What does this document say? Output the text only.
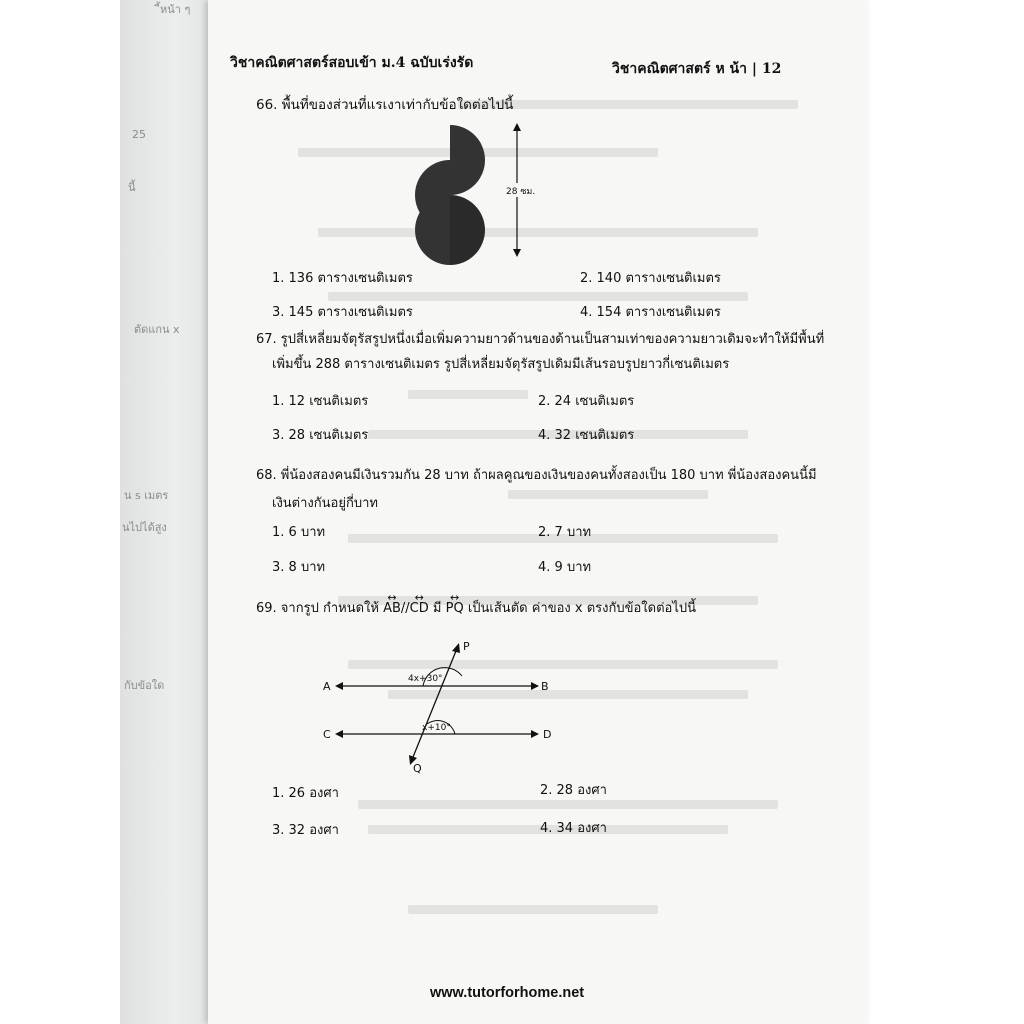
ี้หน้า ๆ
25
นี้
ตัดแกน x
น s เมตร
นไปได้สูง
กับข้อใด
วิชาคณิตศาสตร์สอบเข้า ม.4 ฉบับเร่งรัด	วิชาคณิตศาสตร์ ห น้า | 12
66. พื้นที่ของส่วนที่แรเงาเท่ากับข้อใดต่อไปนี้
28 ซม.
1. 136 ตารางเซนติเมตร	2. 140 ตารางเซนติเมตร
3. 145 ตารางเซนติเมตร	4. 154 ตารางเซนติเมตร
67. รูปสี่เหลี่ยมจัตุรัสรูปหนึ่งเมื่อเพิ่มความยาวด้านของด้านเป็นสามเท่าของความยาวเดิมจะทำให้มีพื้นที่
เพิ่มขึ้น 288 ตารางเซนติเมตร รูปสี่เหลี่ยมจัตุรัสรูปเดิมมีเส้นรอบรูปยาวกี่เซนติเมตร
1. 12 เซนติเมตร	2. 24 เซนติเมตร
3. 28 เซนติเมตร	4. 32 เซนติเมตร
68. พี่น้องสองคนมีเงินรวมกัน 28 บาท ถ้าผลคูณของเงินของคนทั้งสองเป็น 180 บาท พี่น้องสองคนนี้มี
เงินต่างกันอยู่กี่บาท
1. 6 บาท	2. 7 บาท
3. 8 บาท	4. 9 บาท
69. จากรูป กำหนดให้ ↔ AB//↔ CD มี ↔ PQ เป็นเส้นตัด ค่าของ x ตรงกับข้อใดต่อไปนี้
4x+30°
x+10°
A	B
C	D
P
Q
1. 26 องศา	2. 28 องศา
3. 32 องศา	4. 34 องศา
www.tutorforhome.net
